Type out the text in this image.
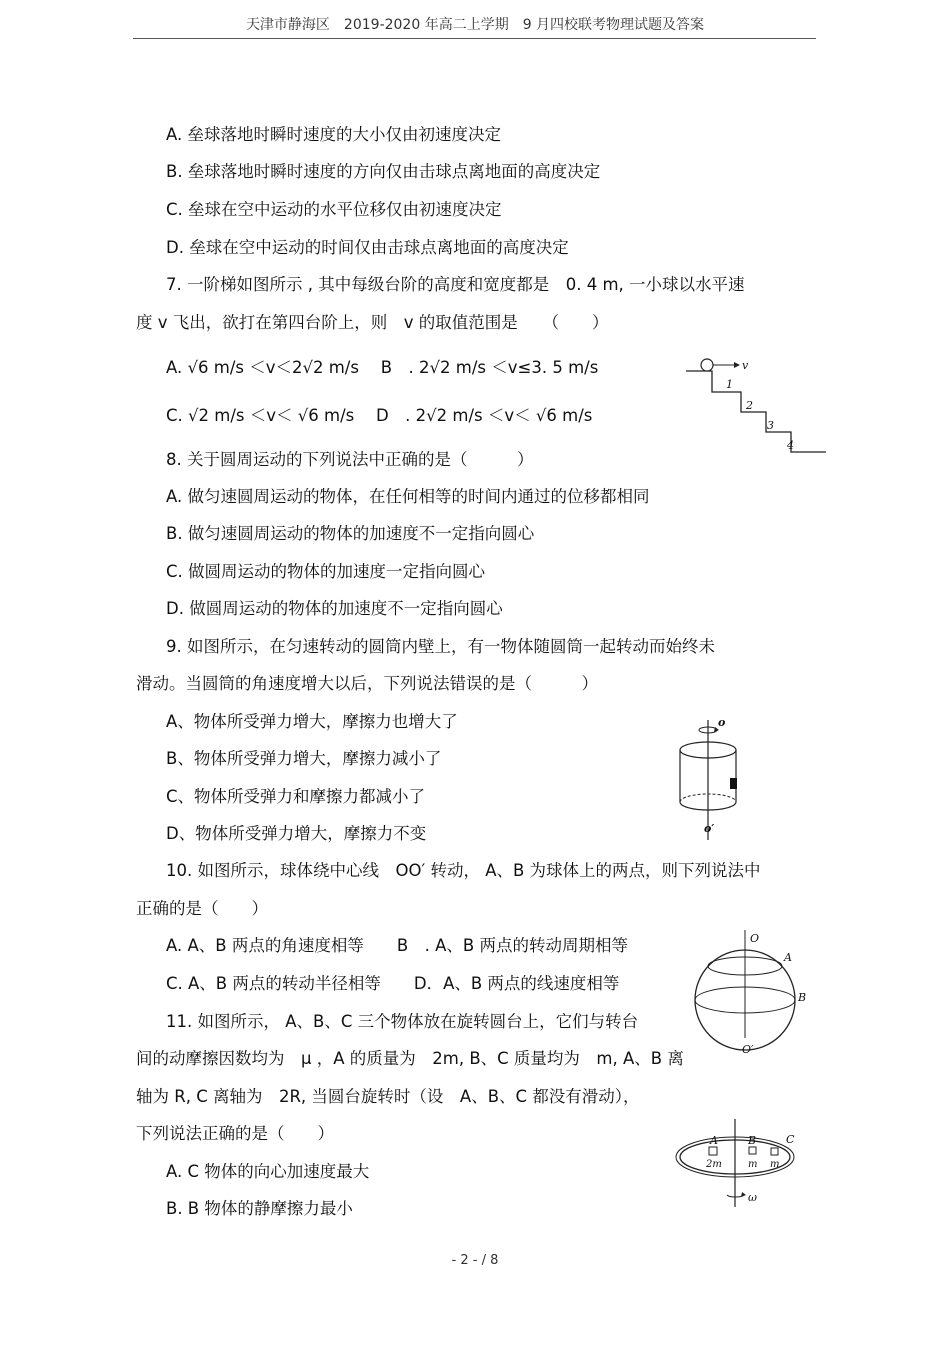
天津市静海区　2019-2020 年高二上学期　9 月四校联考物理试题及答案
A. 垒球落地时瞬时速度的大小仅由初速度决定
B. 垒球落地时瞬时速度的方向仅由击球点离地面的高度决定
C. 垒球在空中运动的水平位移仅由初速度决定
D. 垒球在空中运动的时间仅由击球点离地面的高度决定
7. 一阶梯如图所示 , 其中每级台阶的高度和宽度都是　0. 4 m, 一小球以水平速
度 v 飞出，欲打在第四台阶上，则　v 的取值范围是　　（　　）
A. √6 m/s ＜v＜2√2 m/s　 B　. 2√2 m/s ＜v≤3. 5 m/s
C. √2 m/s ＜v＜ √6 m/s　 D　. 2√2 m/s ＜v＜ √6 m/s
8. 关于圆周运动的下列说法中正确的是（　　　）
A. 做匀速圆周运动的物体，在任何相等的时间内通过的位移都相同
B. 做匀速圆周运动的物体的加速度不一定指向圆心
C. 做圆周运动的物体的加速度一定指向圆心
D. 做圆周运动的物体的加速度不一定指向圆心
9. 如图所示，在匀速转动的圆筒内壁上，有一物体随圆筒一起转动而始终未
滑动。当圆筒的角速度增大以后，下列说法错误的是（　　　）
A、物体所受弹力增大，摩擦力也增大了
B、物体所受弹力增大，摩擦力减小了
C、物体所受弹力和摩擦力都减小了
D、物体所受弹力增大，摩擦力不变
10. 如图所示，球体绕中心线　OO′ 转动， A、B 为球体上的两点，则下列说法中
正确的是（　　）
A. A、B 两点的角速度相等　　B　. A、B 两点的转动周期相等
C. A、B 两点的转动半径相等　　D．A、B 两点的线速度相等
11. 如图所示， A、B、C 三个物体放在旋转圆台上，它们与转台
间的动摩擦因数均为　μ ，A 的质量为　2m, B、C 质量均为　m, A、B 离
轴为 R, C 离轴为　2R, 当圆台旋转时（设　A、B、C 都没有滑动），
下列说法正确的是（　　）
A. C 物体的向心加速度最大
B. B 物体的静摩擦力最小
v
1
2
3
4
o
o′
O
A
B
O′
A	B	C
2m	m m
ω
- 2 - / 8
